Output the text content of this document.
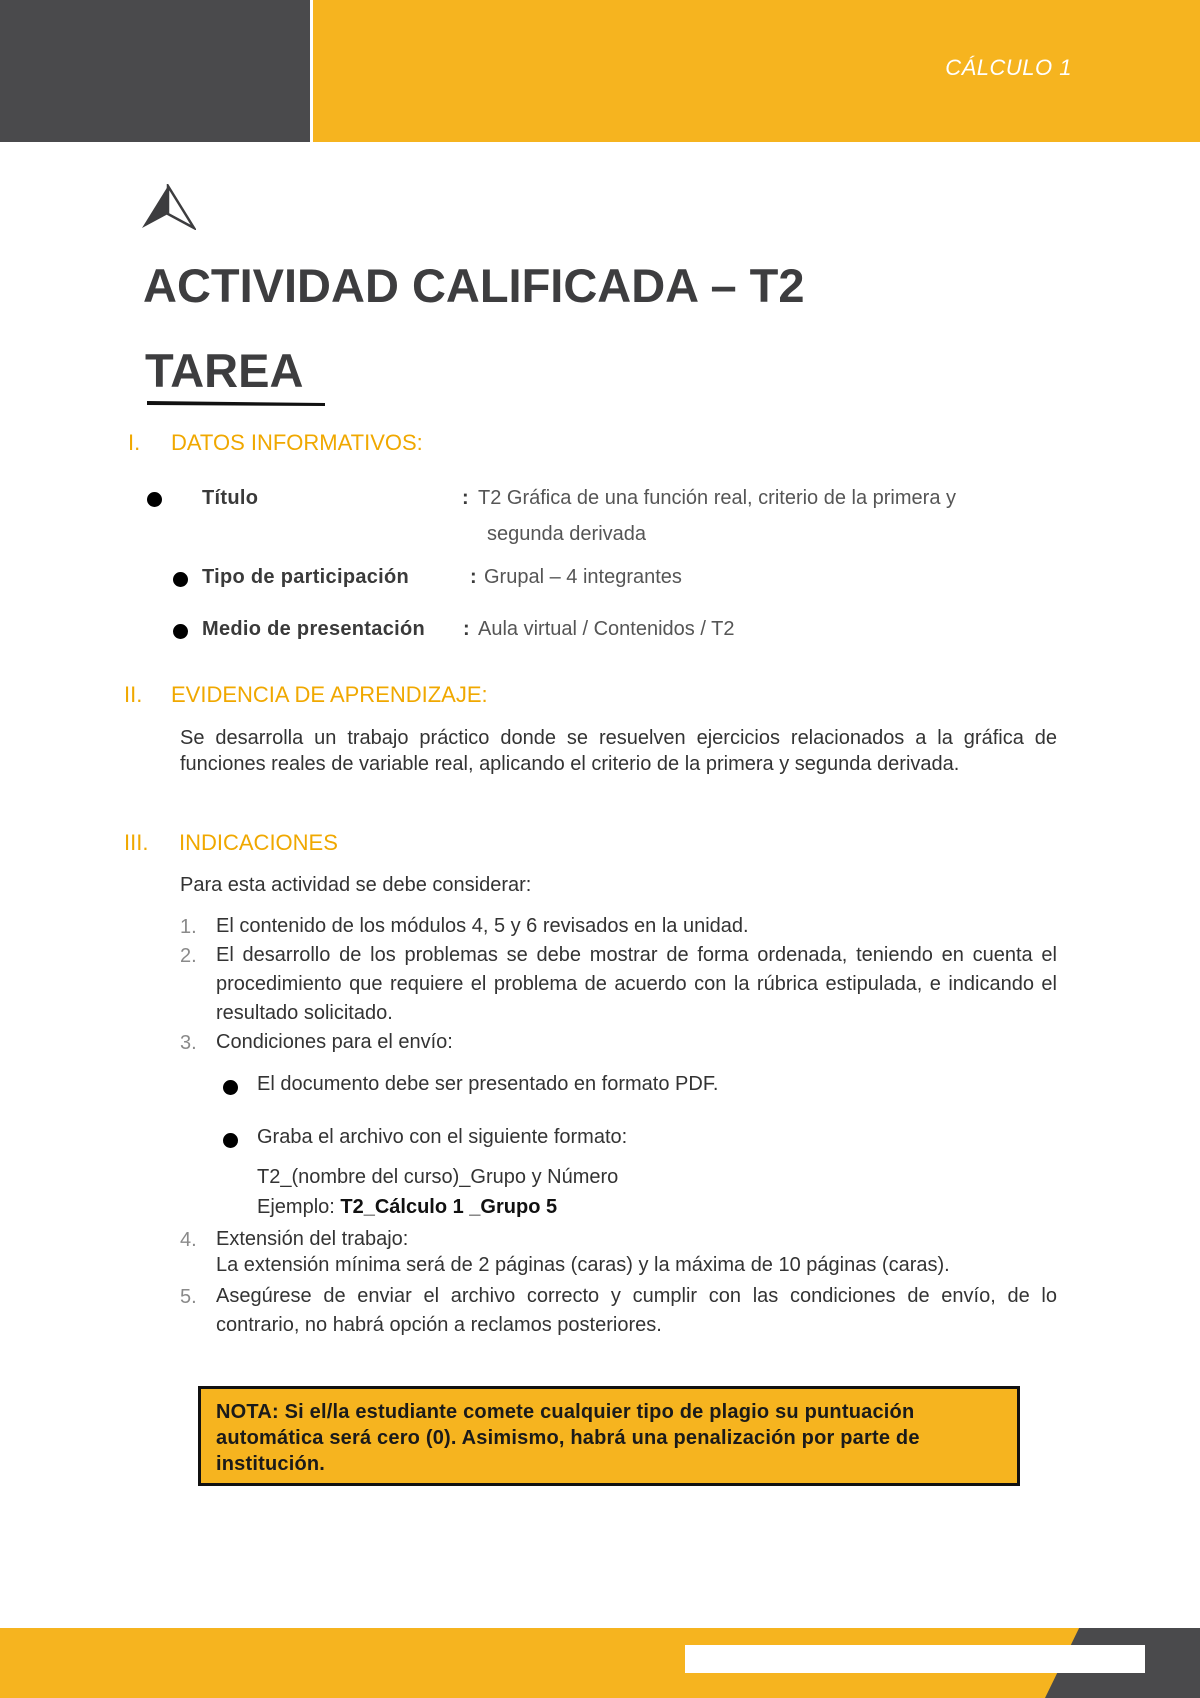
CÁLCULO 1
ACTIVIDAD CALIFICADA – T2
TAREA
I. DATOS INFORMATIVOS:
Título	: T2 Gráfica de una función real, criterio de la primera y
segunda derivada
Tipo de participación	: Grupal – 4 integrantes
Medio de presentación : Aula virtual / Contenidos / T2
II. EVIDENCIA DE APRENDIZAJE:
Se desarrolla un trabajo práctico donde se resuelven ejercicios relacionados a la gráfica de funciones reales de variable real, aplicando el criterio de la primera y segunda derivada.
III. INDICACIONES
Para esta actividad se debe considerar:
1. El contenido de los módulos 4, 5 y 6 revisados en la unidad.
2. El desarrollo de los problemas se debe mostrar de forma ordenada, teniendo en cuenta el procedimiento que requiere el problema de acuerdo con la rúbrica estipulada, e indicando el resultado solicitado.
3. Condiciones para el envío:
El documento debe ser presentado en formato PDF.
Graba el archivo con el siguiente formato:
T2_(nombre del curso)_Grupo y Número
Ejemplo: T2_Cálculo 1 _Grupo 5
4. Extensión del trabajo:
La extensión mínima será de 2 páginas (caras) y la máxima de 10 páginas (caras).
5. Asegúrese de enviar el archivo correcto y cumplir con las condiciones de envío, de lo contrario, no habrá opción a reclamos posteriores.
NOTA: Si el/la estudiante comete cualquier tipo de plagio su puntuación automática será cero (0). Asimismo, habrá una penalización por parte de institución.
